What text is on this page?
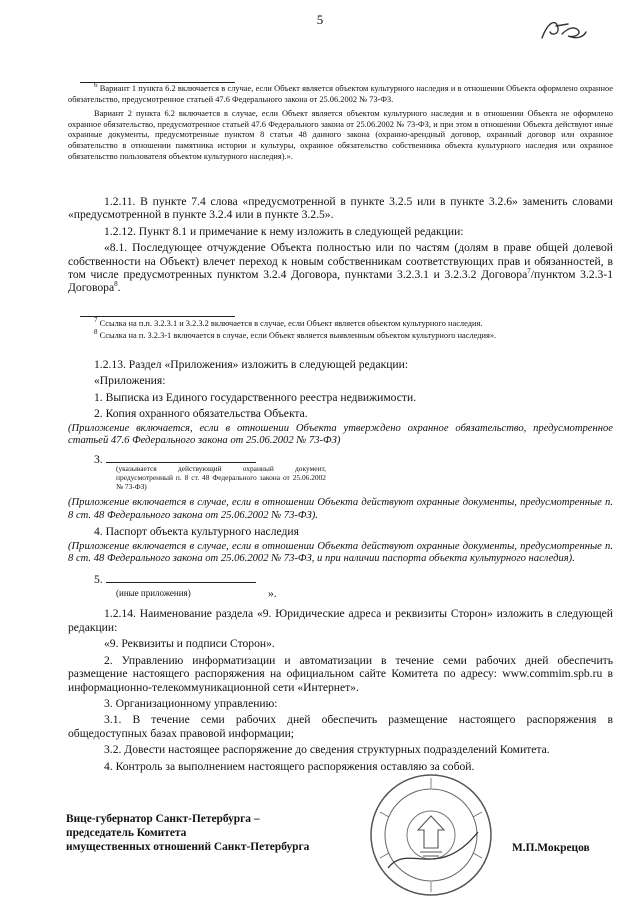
5
$^6$ Вариант 1 пункта 6.2 включается в случае, если Объект является объектом культурного наследия и в отношении Объекта оформлено охранное обязательство, предусмотренное статьей 47.6 Федерального закона от 25.06.2002 № 73-ФЗ.
Вариант 2 пункта 6.2 включается в случае, если Объект является объектом культурного наследия и в отношении Объекта не оформлено охранное обязательство, предусмотренное статьей 47.6 Федерального закона от 25.06.2002 № 73-ФЗ, и при этом в отношении Объекта действуют иные охранные документы, предусмотренные пунктом 8 статьи 48 данного закона (охранно-арендный договор, охранный договор или охранное обязательство в отношении памятника истории и культуры, охранное обязательство собственника объекта культурного наследия или охранное обязательство пользователя объектом культурного наследия).».
1.2.11. В пункте 7.4 слова «предусмотренной в пункте 3.2.5 или в пункте 3.2.6» заменить словами «предусмотренной в пункте 3.2.4 или в пункте 3.2.5».
1.2.12. Пункт 8.1 и примечание к нему изложить в следующей редакции:
«8.1. Последующее отчуждение Объекта полностью или по частям (долям в праве общей долевой собственности на Объект) влечет переход к новым собственникам соответствующих прав и обязанностей, в том числе предусмотренных пунктом 3.2.4 Договора, пунктами 3.2.3.1 и 3.2.3.2 Договора$^7$/пунктом 3.2.3-1 Договора$^8$.
$^7$ Ссылка на п.п. 3.2.3.1 и 3.2.3.2 включается в случае, если Объект является объектом культурного наследия.
$^8$ Ссылка на п. 3.2.3-1 включается в случае, если Объект является выявленным объектом культурного наследия».
1.2.13. Раздел «Приложения» изложить в следующей редакции:
«Приложения:
1. Выписка из Единого государственного реестра недвижимости.
2. Копия охранного обязательства Объекта.
(Приложение включается, если в отношении Объекта утверждено охранное обязательство, предусмотренное статьей 47.6 Федерального закона от 25.06.2002 № 73-ФЗ)
3.
(указывается действующий охранный документ, предусмотренный п. 8 ст. 48 Федерального закона от 25.06.2002 № 73-ФЗ)
(Приложение включается в случае, если в отношении Объекта действуют охранные документы, предусмотренные п. 8 ст. 48 Федерального закона от 25.06.2002 № 73-ФЗ).
4. Паспорт объекта культурного наследия
(Приложение включается в случае, если в отношении Объекта действуют охранные документы, предусмотренные п. 8 ст. 48 Федерального закона от 25.06.2002 № 73-ФЗ, и при наличии паспорта объекта культурного наследия).
5.
(иные приложения)	».
1.2.14. Наименование раздела «9. Юридические адреса и реквизиты Сторон» изложить в следующей редакции:
«9. Реквизиты и подписи Сторон».
2. Управлению информатизации и автоматизации в течение семи рабочих дней обеспечить размещение настоящего распоряжения на официальном сайте Комитета по адресу: www.commim.spb.ru в информационно-телекоммуникационной сети «Интернет».
3. Организационному управлению:
3.1. В течение семи рабочих дней обеспечить размещение настоящего распоряжения в общедоступных базах правовой информации;
3.2. Довести настоящее распоряжение до сведения структурных подразделений Комитета.
4. Контроль за выполнением настоящего распоряжения оставляю за собой.
Вице-губернатор Санкт-Петербурга –
председатель Комитета
имущественных отношений Санкт-Петербурга	М.П.Мокрецов
